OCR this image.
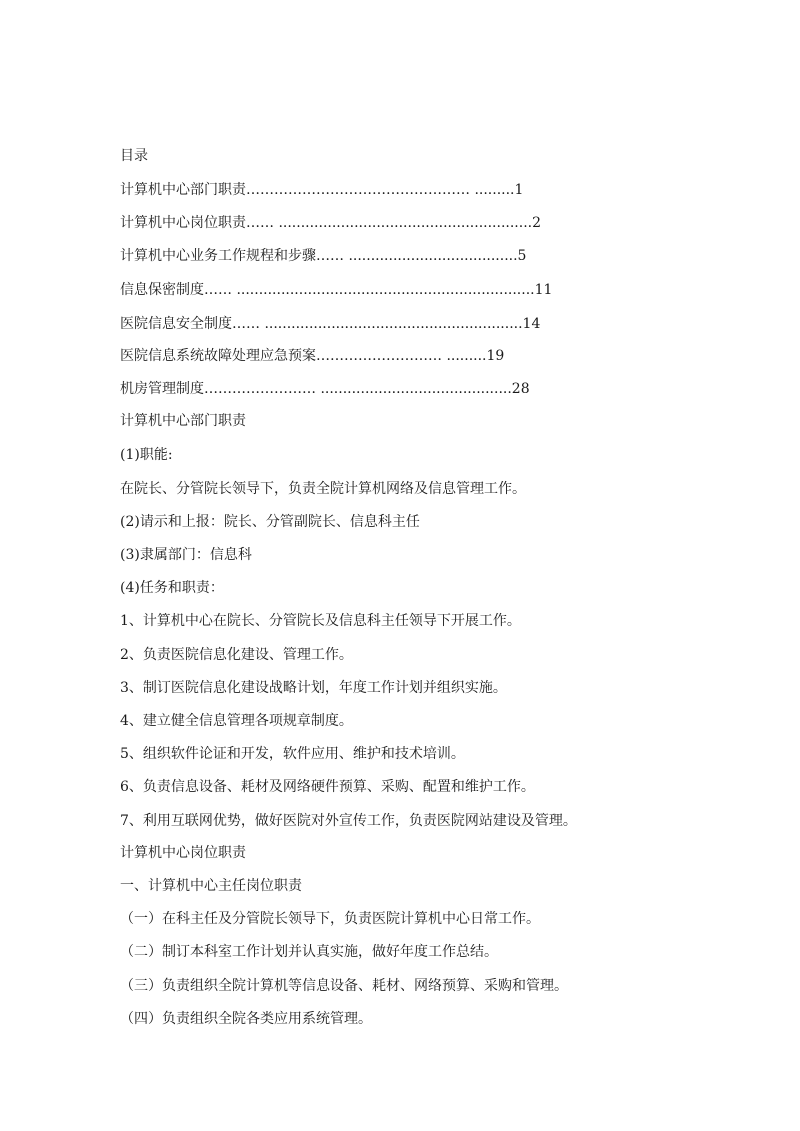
目录
计算机中心部门职责………………………………………… .........1
计算机中心岗位职责…… .........................................................2
计算机中心业务工作规程和步骤…… ......................................5
信息保密制度…… ...................................................................11
医院信息安全制度…… ..........................................................14
医院信息系统故障处理应急预案……………………… .........19
机房管理制度…………………… ...........................................28
计算机中心部门职责
(1)职能:
在院长、分管院长领导下，负责全院计算机网络及信息管理工作。
(2)请示和上报：院长、分管副院长、信息科主任
(3)隶属部门：信息科
(4)任务和职责：
1、计算机中心在院长、分管院长及信息科主任领导下开展工作。
2、负责医院信息化建设、管理工作。
3、制订医院信息化建设战略计划，年度工作计划并组织实施。
4、建立健全信息管理各项规章制度。
5、组织软件论证和开发，软件应用、维护和技术培训。
6、负责信息设备、耗材及网络硬件预算、采购、配置和维护工作。
7、利用互联网优势，做好医院对外宣传工作，负责医院网站建设及管理。
计算机中心岗位职责
一、计算机中心主任岗位职责
（一）在科主任及分管院长领导下，负责医院计算机中心日常工作。
（二）制订本科室工作计划并认真实施，做好年度工作总结。
（三）负责组织全院计算机等信息设备、耗材、网络预算、采购和管理。
（四）负责组织全院各类应用系统管理。
